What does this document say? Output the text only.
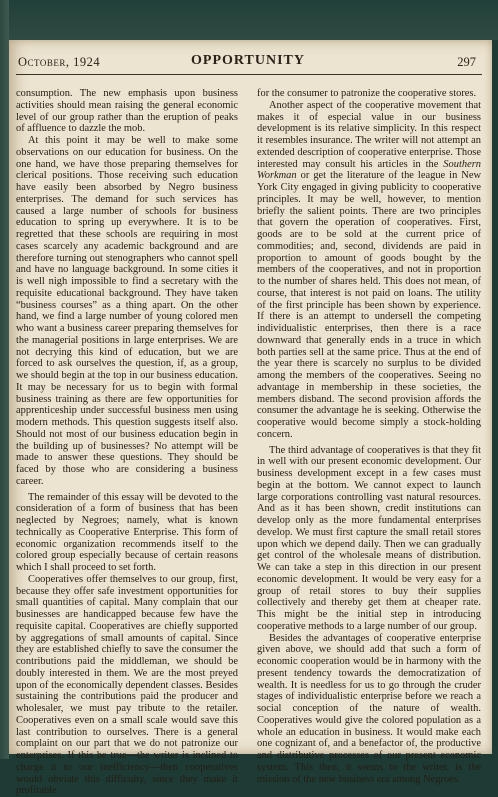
October, 1924	OPPORTUNITY	297

consumption. The new emphasis upon business activities should mean raising the general economic level of our group rather than the eruption of peaks of affluence to dazzle the mob.

At this point it may be well to make some observations on our education for business. On the one hand, we have those preparing themselves for clerical positions. Those receiving such education have easily been absorbed by Negro business enterprises. The demand for such services has caused a large number of schools for business education to spring up everywhere. It is to be regretted that these schools are requiring in most cases scarcely any academic background and are therefore turning out stenographers who cannot spell and have no language background. In some cities it is well nigh impossible to find a secretary with the requisite educational background. They have taken “business courses” as a thing apart. On the other hand, we find a large number of young colored men who want a business career preparing themselves for the managerial positions in large enterprises. We are not decrying this kind of education, but we are forced to ask ourselves the question, if, as a group, we should begin at the top in our business education. It may be necessary for us to begin with formal business training as there are few opportunities for apprenticeship under successful business men using modern methods. This question suggests itself also. Should not most of our business education begin in the building up of businesses? No attempt will be made to answer these questions. They should be faced by those who are considering a business career.

The remainder of this essay will be devoted to the consideration of a form of business that has been neglected by Negroes; namely, what is known technically as Cooperative Enterprise. This form of economic organization recommends itself to the colored group especially because of certain reasons which I shall proceed to set forth.

Cooperatives offer themselves to our group, first, because they offer safe investment opportunities for small quantities of capital. Many complain that our businesses are handicapped because few have the requisite capital. Cooperatives are chiefly supported by aggregations of small amounts of capital. Since they are established chiefly to save the consumer the contributions paid the middleman, we should be doubly interested in them. We are the most preyed upon of the economically dependent classes. Besides sustaining the contributions paid the producer and wholesaler, we must pay tribute to the retailer. Cooperatives even on a small scale would save this last contribution to ourselves. There is a general complaint on our part that we do not patronize our enterprises. If this be true—the writer is inclined to charge it to our inefficiency—then cooperatives would obviate this difficulty, since they make it profitable

for the consumer to patronize the cooperative stores.

Another aspect of the cooperative movement that makes it of especial value in our business development is its relative simplicity. In this respect it resembles insurance. The writer will not attempt an extended description of cooperative enterprise. Those interested may consult his articles in the Southern Workman or get the literature of the league in New York City engaged in giving publicity to cooperative principles. It may be well, however, to mention briefly the salient points. There are two principles that govern the operation of cooperatives. First, goods are to be sold at the current price of commodities; and, second, dividends are paid in proportion to amount of goods bought by the members of the cooperatives, and not in proportion to the number of shares held. This does not mean, of course, that interest is not paid on loans. The utility of the first principle has been shown by experience. If there is an attempt to undersell the competing individualistic enterprises, then there is a race downward that generally ends in a truce in which both parties sell at the same price. Thus at the end of the year there is scarcely no surplus to be divided among the members of the cooperatives. Seeing no advantage in membership in these societies, the members disband. The second provision affords the consumer the advantage he is seeking. Otherwise the cooperative would become simply a stock-holding concern.

The third advantage of cooperatives is that they fit in well with our present economic development. Our business development except in a few cases must begin at the bottom. We cannot expect to launch large corporations controlling vast natural resources. And as it has been shown, credit institutions can develop only as the more fundamental enterprises develop. We must first capture the small retail stores upon which we depend daily. Then we can gradually get control of the wholesale means of distribution. We can take a step in this direction in our present economic development. It would be very easy for a group of retail stores to buy their supplies collectively and thereby get them at cheaper rate. This might be the initial step in introducing cooperative methods to a large number of our group.

Besides the advantages of cooperative enterprise given above, we should add that such a form of economic cooperation would be in harmony with the present tendency towards the democratization of wealth. It is needless for us to go through the cruder stages of individualistic enterprise before we reach a social conception of the nature of wealth. Cooperatives would give the colored population as a whole an education in business. It would make each one cognizant of, and a benefactor of, the productive and distributive processes of our present economic system. This then, it seems to the writer, is the mission of the new business era among Negroes.
